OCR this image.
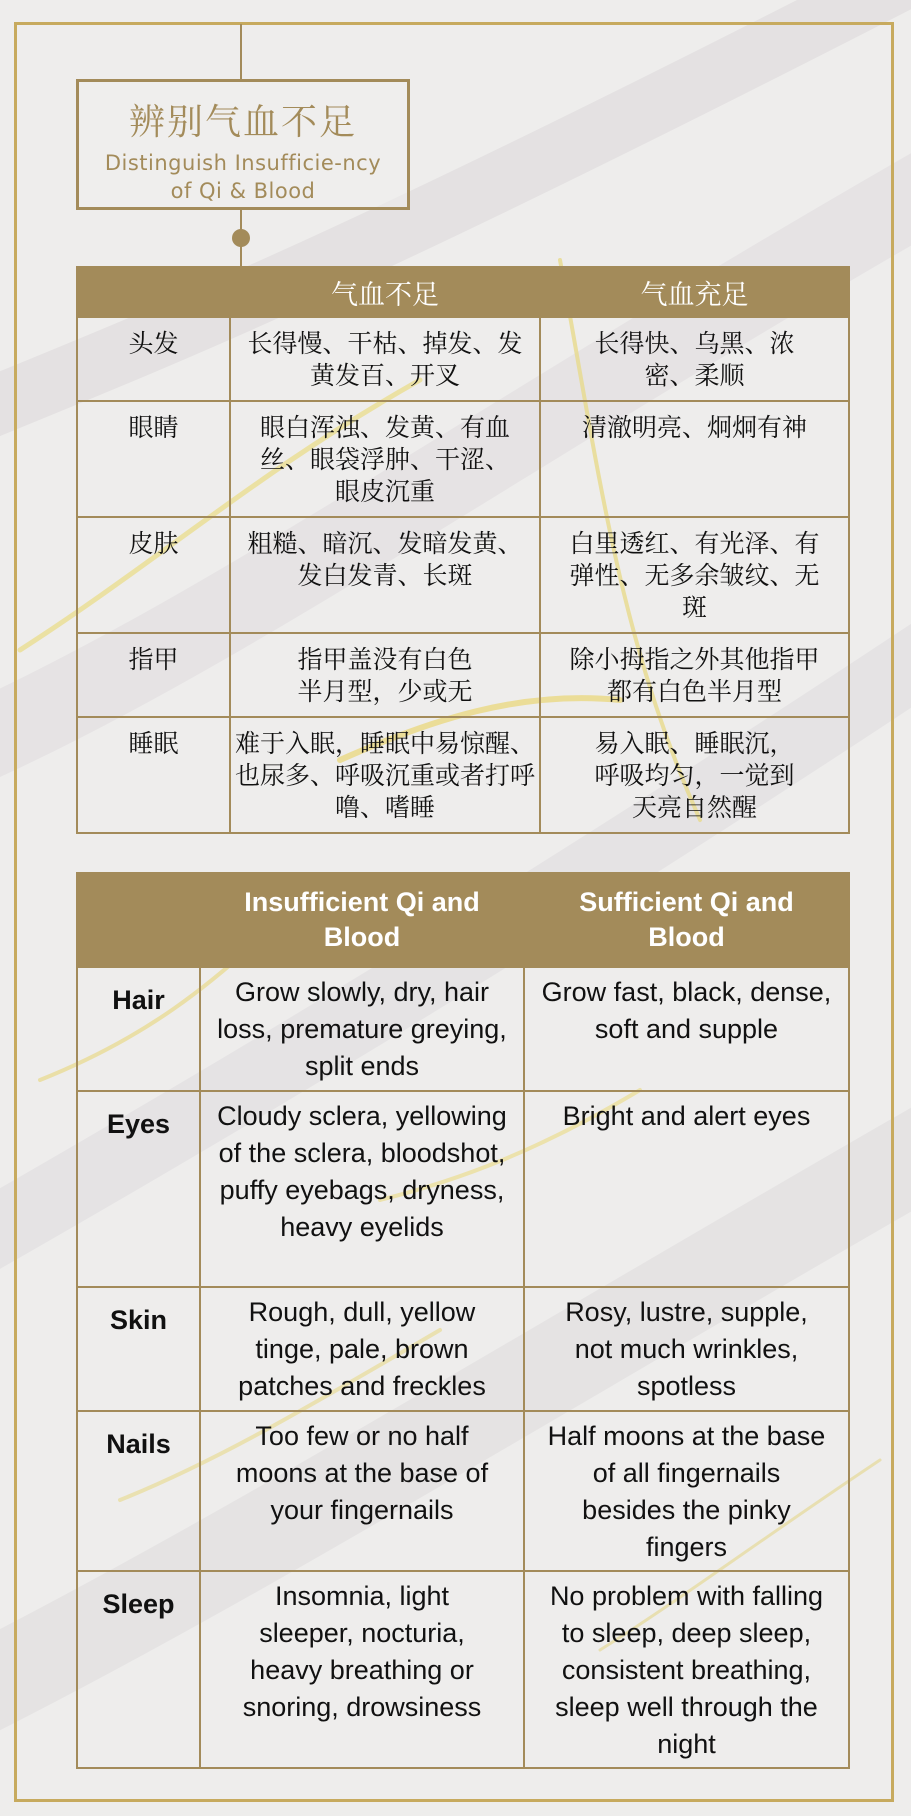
辨别气血不足
Distinguish Insufficie-ncy of Qi & Blood
	气血不足	气血充足
头发	长得慢、干枯、掉发、发黄发百、开叉	长得快、乌黑、浓密、柔顺
眼睛	眼白浑浊、发黄、有血丝、眼袋浮肿、干涩、眼皮沉重	清澈明亮、炯炯有神
皮肤	粗糙、暗沉、发暗发黄、发白发青、长斑	白里透红、有光泽、有弹性、无多余皱纹、无斑
指甲	指甲盖没有白色半月型，少或无	除小拇指之外其他指甲都有白色半月型
睡眠	难于入眠，睡眠中易惊醒、也尿多、呼吸沉重或者打呼噜、嗜睡	易入眠、睡眠沉，呼吸均匀，一觉到天亮自然醒
	Insufficient Qi and Blood	Sufficient Qi and Blood
Hair	Grow slowly, dry, hair loss, premature greying, split ends	Grow fast, black, dense, soft and supple
Eyes	Cloudy sclera, yellowing of the sclera, bloodshot, puffy eyebags, dryness, heavy eyelids	Bright and alert eyes
Skin	Rough, dull, yellow tinge, pale, brown patches and freckles	Rosy, lustre, supple, not much wrinkles, spotless
Nails	Too few or no half moons at the base of your fingernails	Half moons at the base of all fingernails besides the pinky fingers
Sleep	Insomnia, light sleeper, nocturia, heavy breathing or snoring, drowsiness	No problem with falling to sleep, deep sleep, consistent breathing, sleep well through the night
